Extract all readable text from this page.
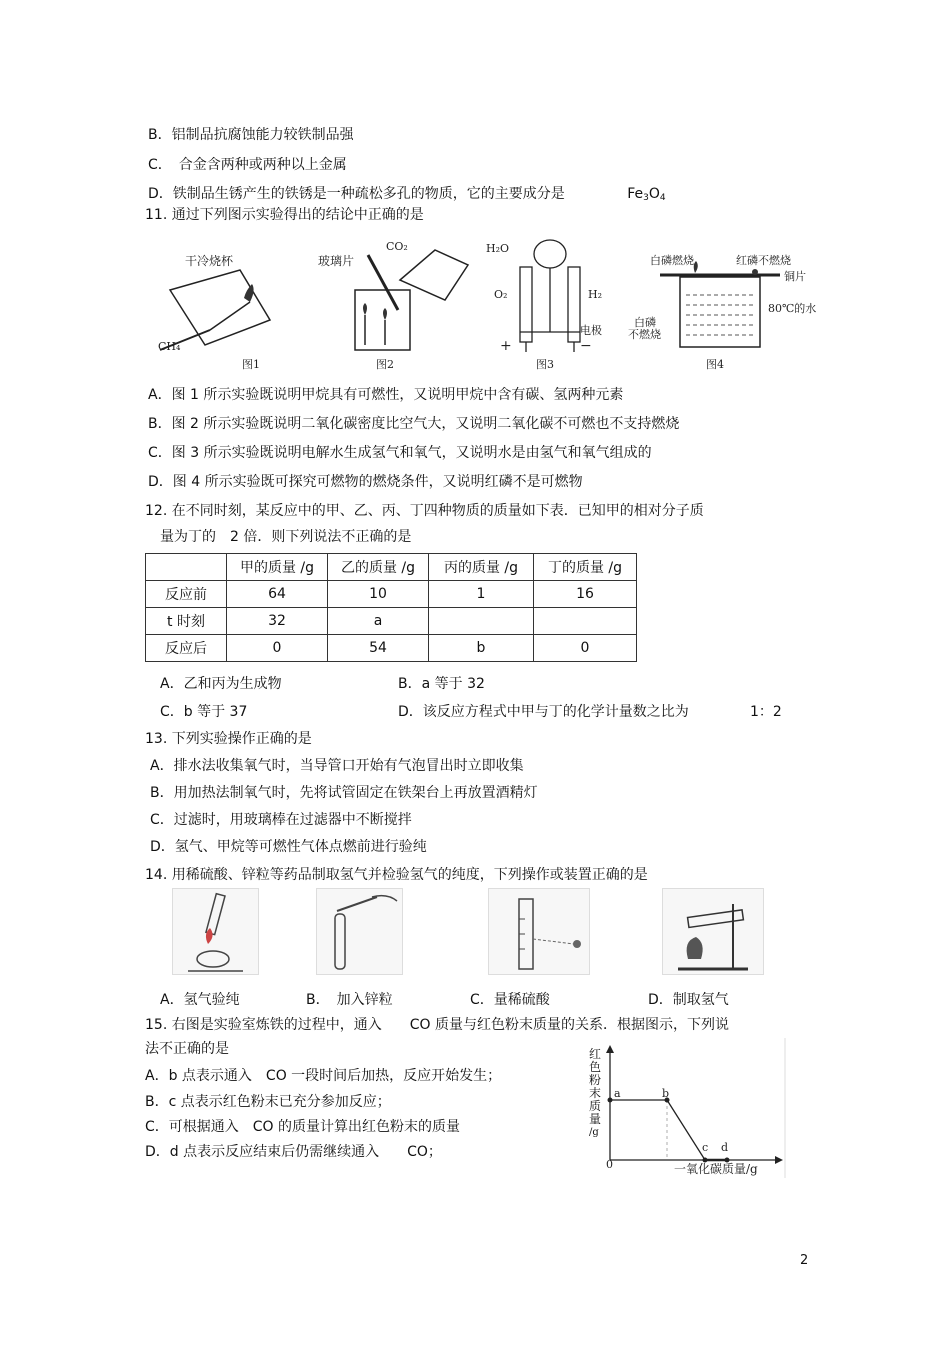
B．铝制品抗腐蚀能力较铁制品强
C．　合金含两种或两种以上金属
D．铁制品生锈产生的铁锈是一种疏松多孔的物质，它的主要成分是	$Fe_3O_4$
11. 通过下列图示实验得出的结论中正确的是
干冷烧杯
CH₄
图1
玻璃片
CO₂
图2
H₂O
O₂	H₂
电极
+	−
图3
白磷燃烧	红磷不燃烧
铜片
80℃的水
白磷
不燃烧
图4
A．图 1 所示实验既说明甲烷具有可燃性，又说明甲烷中含有碳、氢两种元素
B．图 2 所示实验既说明二氧化碳密度比空气大，又说明二氧化碳不可燃也不支持燃烧
C．图 3 所示实验既说明电解水生成氢气和氧气，又说明水是由氢气和氧气组成的
D．图 4 所示实验既可探究可燃物的燃烧条件，又说明红磷不是可燃物
12. 在不同时刻，某反应中的甲、乙、丙、丁四种物质的质量如下表．已知甲的相对分子质
量为丁的　2 倍．则下列说法不正确的是
	甲的质量 /g	乙的质量 /g	丙的质量 /g	丁的质量 /g
反应前	64	10	1	16
t 时刻	32	a		
反应后	0	54	b	0
A．乙和丙为生成物	B．a 等于 32
C．b 等于 37	D．该反应方程式中甲与丁的化学计量数之比为	1：2
13. 下列实验操作正确的是
A．排水法收集氧气时，当导管口开始有气泡冒出时立即收集
B．用加热法制氧气时，先将试管固定在铁架台上再放置酒精灯
C．过滤时，用玻璃棒在过滤器中不断搅拌
D．氢气、甲烷等可燃性气体点燃前进行验纯
14. 用稀硫酸、锌粒等药品制取氢气并检验氢气的纯度，下列操作或装置正确的是
A．氢气验纯	B．　加入锌粒	C．量稀硫酸	D．制取氢气
15. 右图是实验室炼铁的过程中，通入　　CO 质量与红色粉末质量的关系．根据图示，下列说
法不正确的是
A．b 点表示通入　CO 一段时间后加热，反应开始发生；
B．c 点表示红色粉末已充分参加反应；
C．可根据通入　CO 的质量计算出红色粉末的质量
D．d 点表示反应结束后仍需继续通入　　CO；
红
色
粉
末
质
量
/g
0	一氧化碳质量/g
a	b
c d
2
